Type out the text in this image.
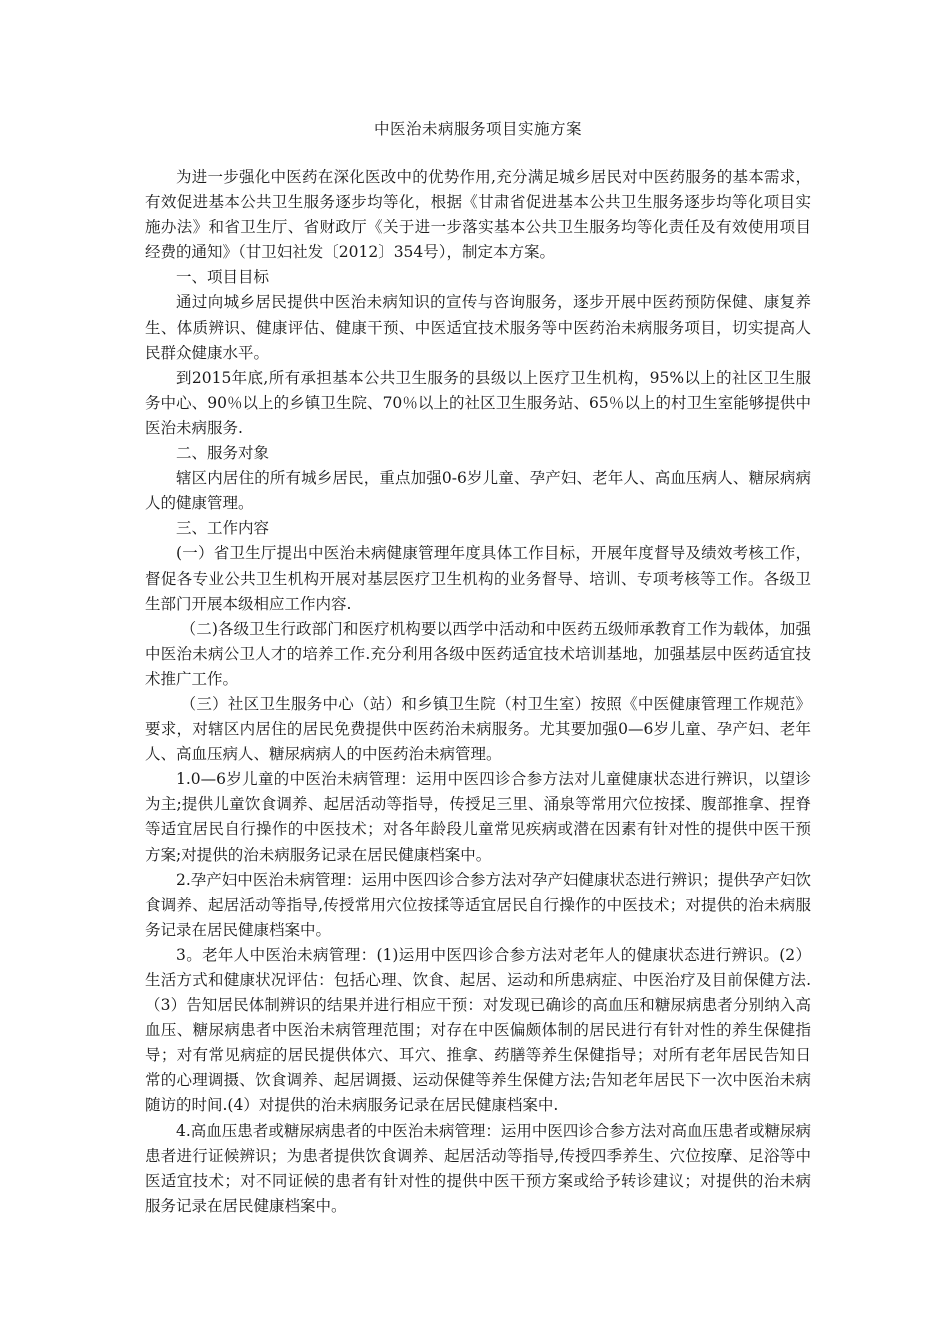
中医治未病服务项目实施方案

为进一步强化中医药在深化医改中的优势作用,充分满足城乡居民对中医药服务的基本需求，有效促进基本公共卫生服务逐步均等化，根据《甘肃省促进基本公共卫生服务逐步均等化项目实施办法》和省卫生厅、省财政厅《关于进一步落实基本公共卫生服务均等化责任及有效使用项目经费的通知》（甘卫妇社发〔2012〕354号），制定本方案。

一、项目目标

通过向城乡居民提供中医治未病知识的宣传与咨询服务，逐步开展中医药预防保健、康复养生、体质辨识、健康评估、健康干预、中医适宜技术服务等中医药治未病服务项目，切实提高人民群众健康水平。

到2015年底,所有承担基本公共卫生服务的县级以上医疗卫生机构，95%以上的社区卫生服务中心、90％以上的乡镇卫生院、70％以上的社区卫生服务站、65％以上的村卫生室能够提供中医治未病服务.

二、服务对象

辖区内居住的所有城乡居民，重点加强0-6岁儿童、孕产妇、老年人、高血压病人、糖尿病病人的健康管理。

三、工作内容

(一）省卫生厅提出中医治未病健康管理年度具体工作目标，开展年度督导及绩效考核工作，督促各专业公共卫生机构开展对基层医疗卫生机构的业务督导、培训、专项考核等工作。各级卫生部门开展本级相应工作内容.

（二)各级卫生行政部门和医疗机构要以西学中活动和中医药五级师承教育工作为载体，加强中医治未病公卫人才的培养工作.充分利用各级中医药适宜技术培训基地，加强基层中医药适宜技术推广工作。

（三）社区卫生服务中心（站）和乡镇卫生院（村卫生室）按照《中医健康管理工作规范》要求，对辖区内居住的居民免费提供中医药治未病服务。尤其要加强0—6岁儿童、孕产妇、老年人、高血压病人、糖尿病病人的中医药治未病管理。

1.0—6岁儿童的中医治未病管理：运用中医四诊合参方法对儿童健康状态进行辨识，以望诊为主;提供儿童饮食调养、起居活动等指导，传授足三里、涌泉等常用穴位按揉、腹部推拿、捏脊等适宜居民自行操作的中医技术；对各年龄段儿童常见疾病或潜在因素有针对性的提供中医干预方案;对提供的治未病服务记录在居民健康档案中。

2.孕产妇中医治未病管理：运用中医四诊合参方法对孕产妇健康状态进行辨识；提供孕产妇饮食调养、起居活动等指导,传授常用穴位按揉等适宜居民自行操作的中医技术；对提供的治未病服务记录在居民健康档案中。

3。老年人中医治未病管理：(1)运用中医四诊合参方法对老年人的健康状态进行辨识。(2）生活方式和健康状况评估：包括心理、饮食、起居、运动和所患病症、中医治疗及目前保健方法.（3）告知居民体制辨识的结果并进行相应干预：对发现已确诊的高血压和糖尿病患者分别纳入高血压、糖尿病患者中医治未病管理范围；对存在中医偏颇体制的居民进行有针对性的养生保健指导；对有常见病症的居民提供体穴、耳穴、推拿、药膳等养生保健指导；对所有老年居民告知日常的心理调摄、饮食调养、起居调摄、运动保健等养生保健方法;告知老年居民下一次中医治未病随访的时间.(4）对提供的治未病服务记录在居民健康档案中.

4.高血压患者或糖尿病患者的中医治未病管理：运用中医四诊合参方法对高血压患者或糖尿病患者进行证候辨识；为患者提供饮食调养、起居活动等指导,传授四季养生、穴位按摩、足浴等中医适宜技术；对不同证候的患者有针对性的提供中医干预方案或给予转诊建议；对提供的治未病服务记录在居民健康档案中。
